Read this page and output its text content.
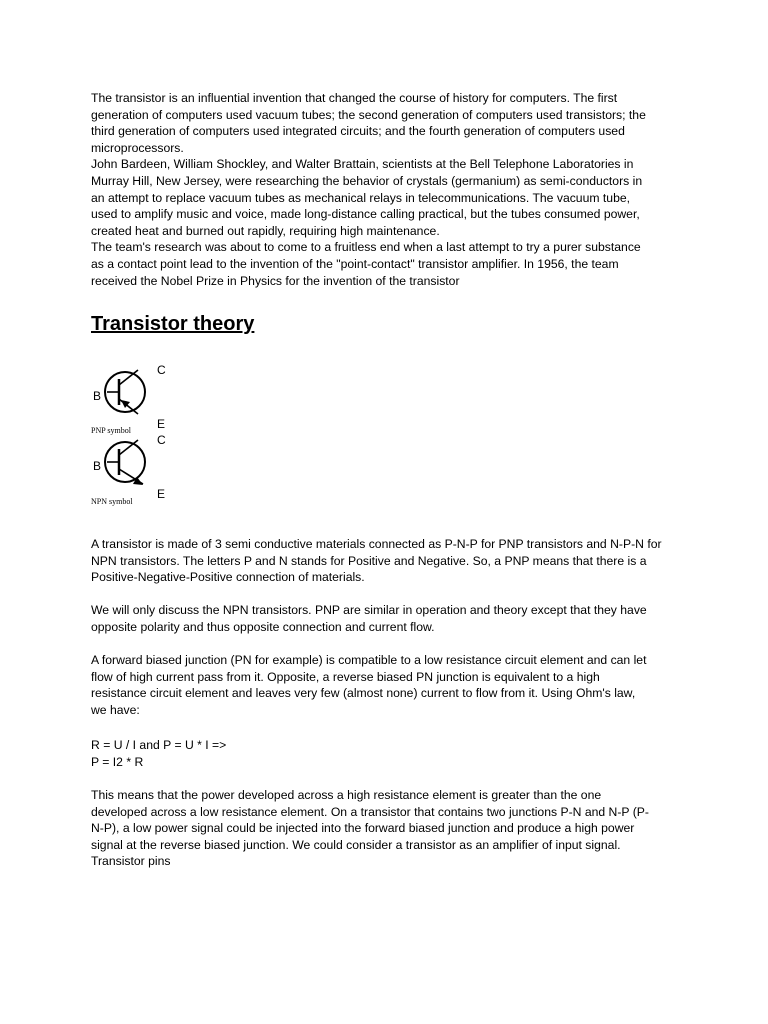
The transistor is an influential invention that changed the course of history for computers. The first
generation of computers used vacuum tubes; the second generation of computers used transistors; the
third generation of computers used integrated circuits; and the fourth generation of computers used
microprocessors.
John Bardeen, William Shockley, and Walter Brattain, scientists at the Bell Telephone Laboratories in
Murray Hill, New Jersey, were researching the behavior of crystals (germanium) as semi-conductors in
an attempt to replace vacuum tubes as mechanical relays in telecommunications. The vacuum tube,
used to amplify music and voice, made long-distance calling practical, but the tubes consumed power,
created heat and burned out rapidly, requiring high maintenance.
The team's research was about to come to a fruitless end when a last attempt to try a purer substance
as a contact point lead to the invention of the "point-contact" transistor amplifier. In 1956, the team
received the Nobel Prize in Physics for the invention of the transistor

Transistor theory
B
C
E
PNP symbol
B
C
E
NPN symbol

A transistor is made of 3 semi conductive materials connected as P-N-P for PNP transistors and N-P-N for
NPN transistors. The letters P and N stands for Positive and Negative. So, a PNP means that there is a
Positive-Negative-Positive connection of materials.

We will only discuss the NPN transistors. PNP are similar in operation and theory except that they have
opposite polarity and thus opposite connection and current flow.

A forward biased junction (PN for example) is compatible to a low resistance circuit element and can let
flow of high current pass from it. Opposite, a reverse biased PN junction is equivalent to a high
resistance circuit element and leaves very few (almost none) current to flow from it. Using Ohm's law,
we have:

R = U / I and P = U * I =>
P = I2 * R

This means that the power developed across a high resistance element is greater than the one
developed across a low resistance element. On a transistor that contains two junctions P-N and N-P (P-
N-P), a low power signal could be injected into the forward biased junction and produce a high power
signal at the reverse biased junction. We could consider a transistor as an amplifier of input signal.
Transistor pins
